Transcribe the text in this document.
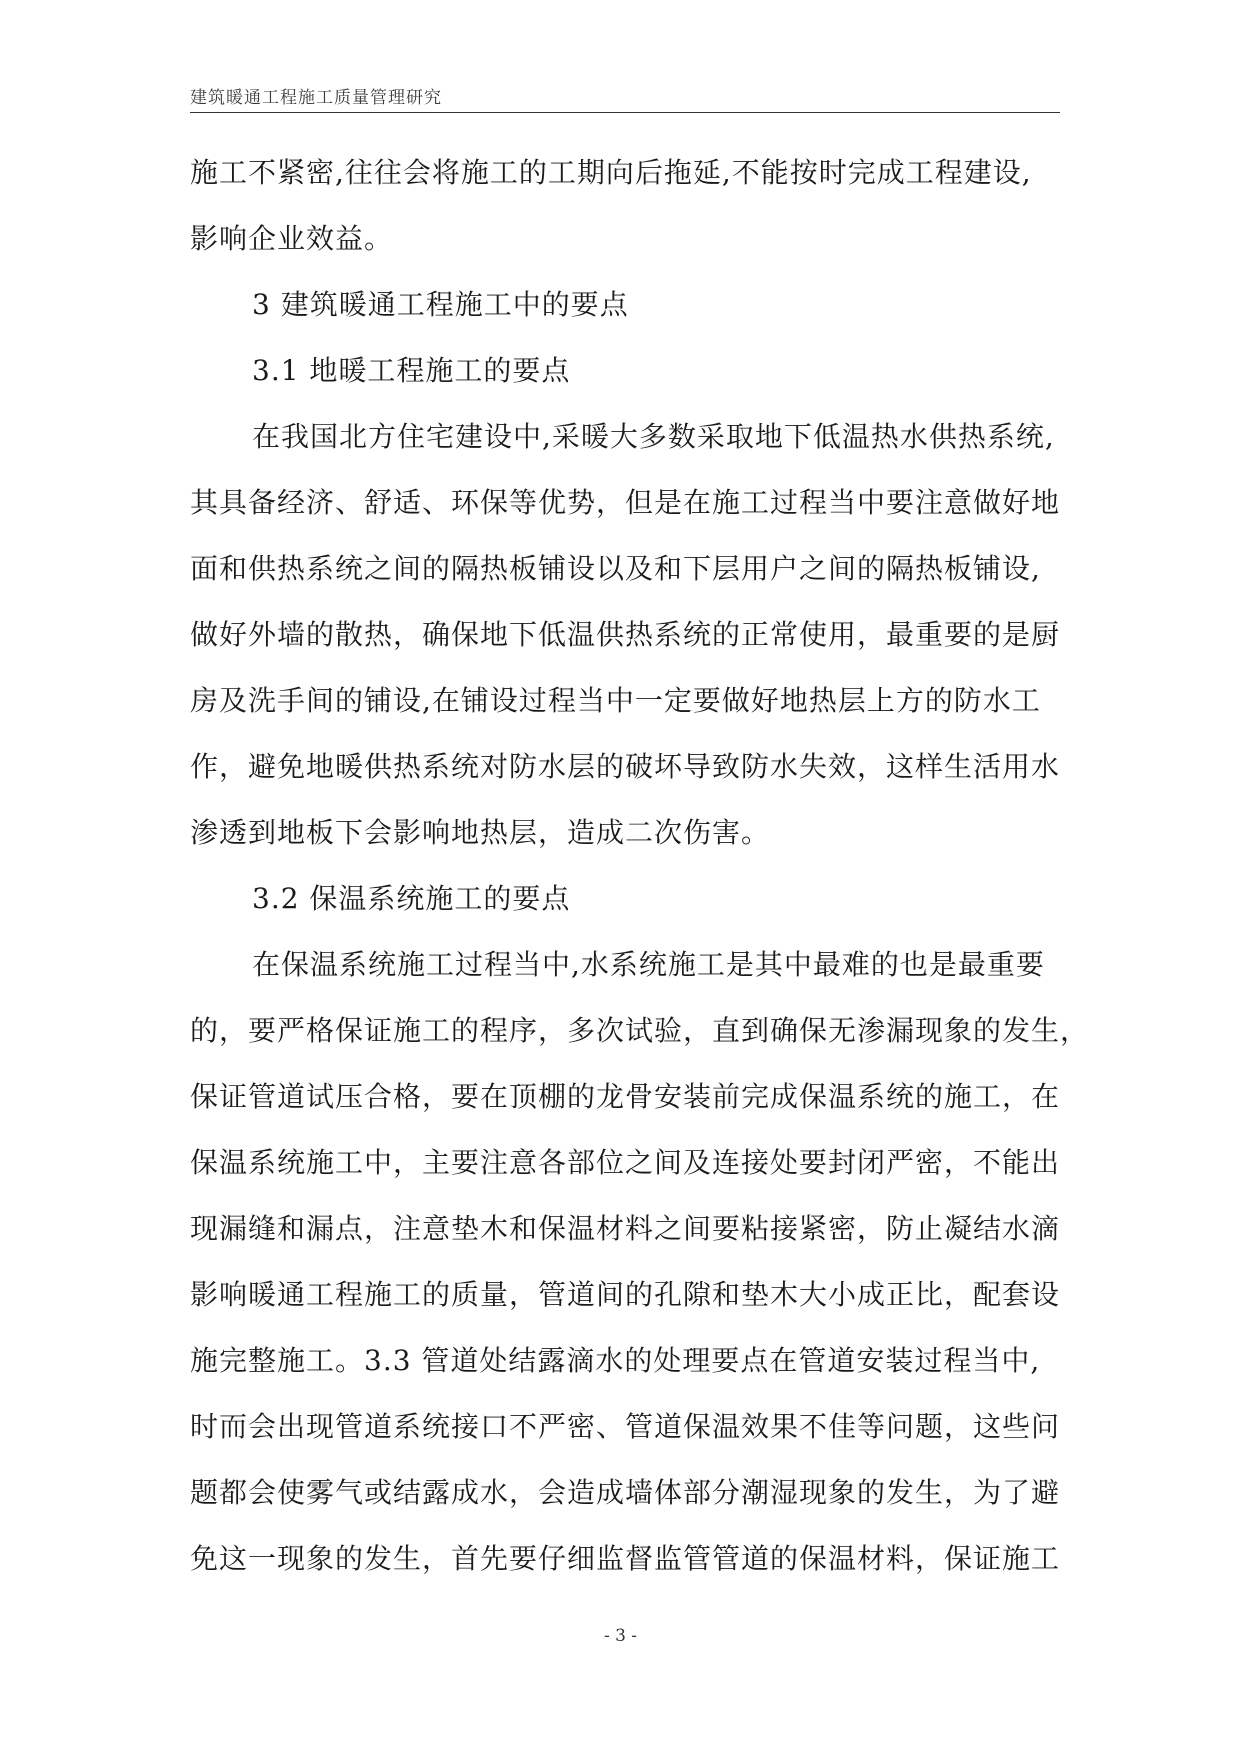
建筑暖通工程施工质量管理研究
施工不紧密,往往会将施工的工期向后拖延,不能按时完成工程建设,
影响企业效益。
3 建筑暖通工程施工中的要点
3.1 地暖工程施工的要点
在我国北方住宅建设中,采暖大多数采取地下低温热水供热系统,
其具备经济、舒适、环保等优势，但是在施工过程当中要注意做好地
面和供热系统之间的隔热板铺设以及和下层用户之间的隔热板铺设,
做好外墙的散热，确保地下低温供热系统的正常使用，最重要的是厨
房及洗手间的铺设,在铺设过程当中一定要做好地热层上方的防水工
作，避免地暖供热系统对防水层的破坏导致防水失效，这样生活用水
渗透到地板下会影响地热层，造成二次伤害。
3.2 保温系统施工的要点
在保温系统施工过程当中,水系统施工是其中最难的也是最重要
的，要严格保证施工的程序，多次试验，直到确保无渗漏现象的发生，
保证管道试压合格，要在顶棚的龙骨安装前完成保温系统的施工，在
保温系统施工中，主要注意各部位之间及连接处要封闭严密，不能出
现漏缝和漏点，注意垫木和保温材料之间要粘接紧密，防止凝结水滴
影响暖通工程施工的质量，管道间的孔隙和垫木大小成正比，配套设
施完整施工。3.3 管道处结露滴水的处理要点在管道安装过程当中,
时而会出现管道系统接口不严密、管道保温效果不佳等问题，这些问
题都会使雾气或结露成水，会造成墙体部分潮湿现象的发生，为了避
免这一现象的发生，首先要仔细监督监管管道的保温材料，保证施工
- 3 -
